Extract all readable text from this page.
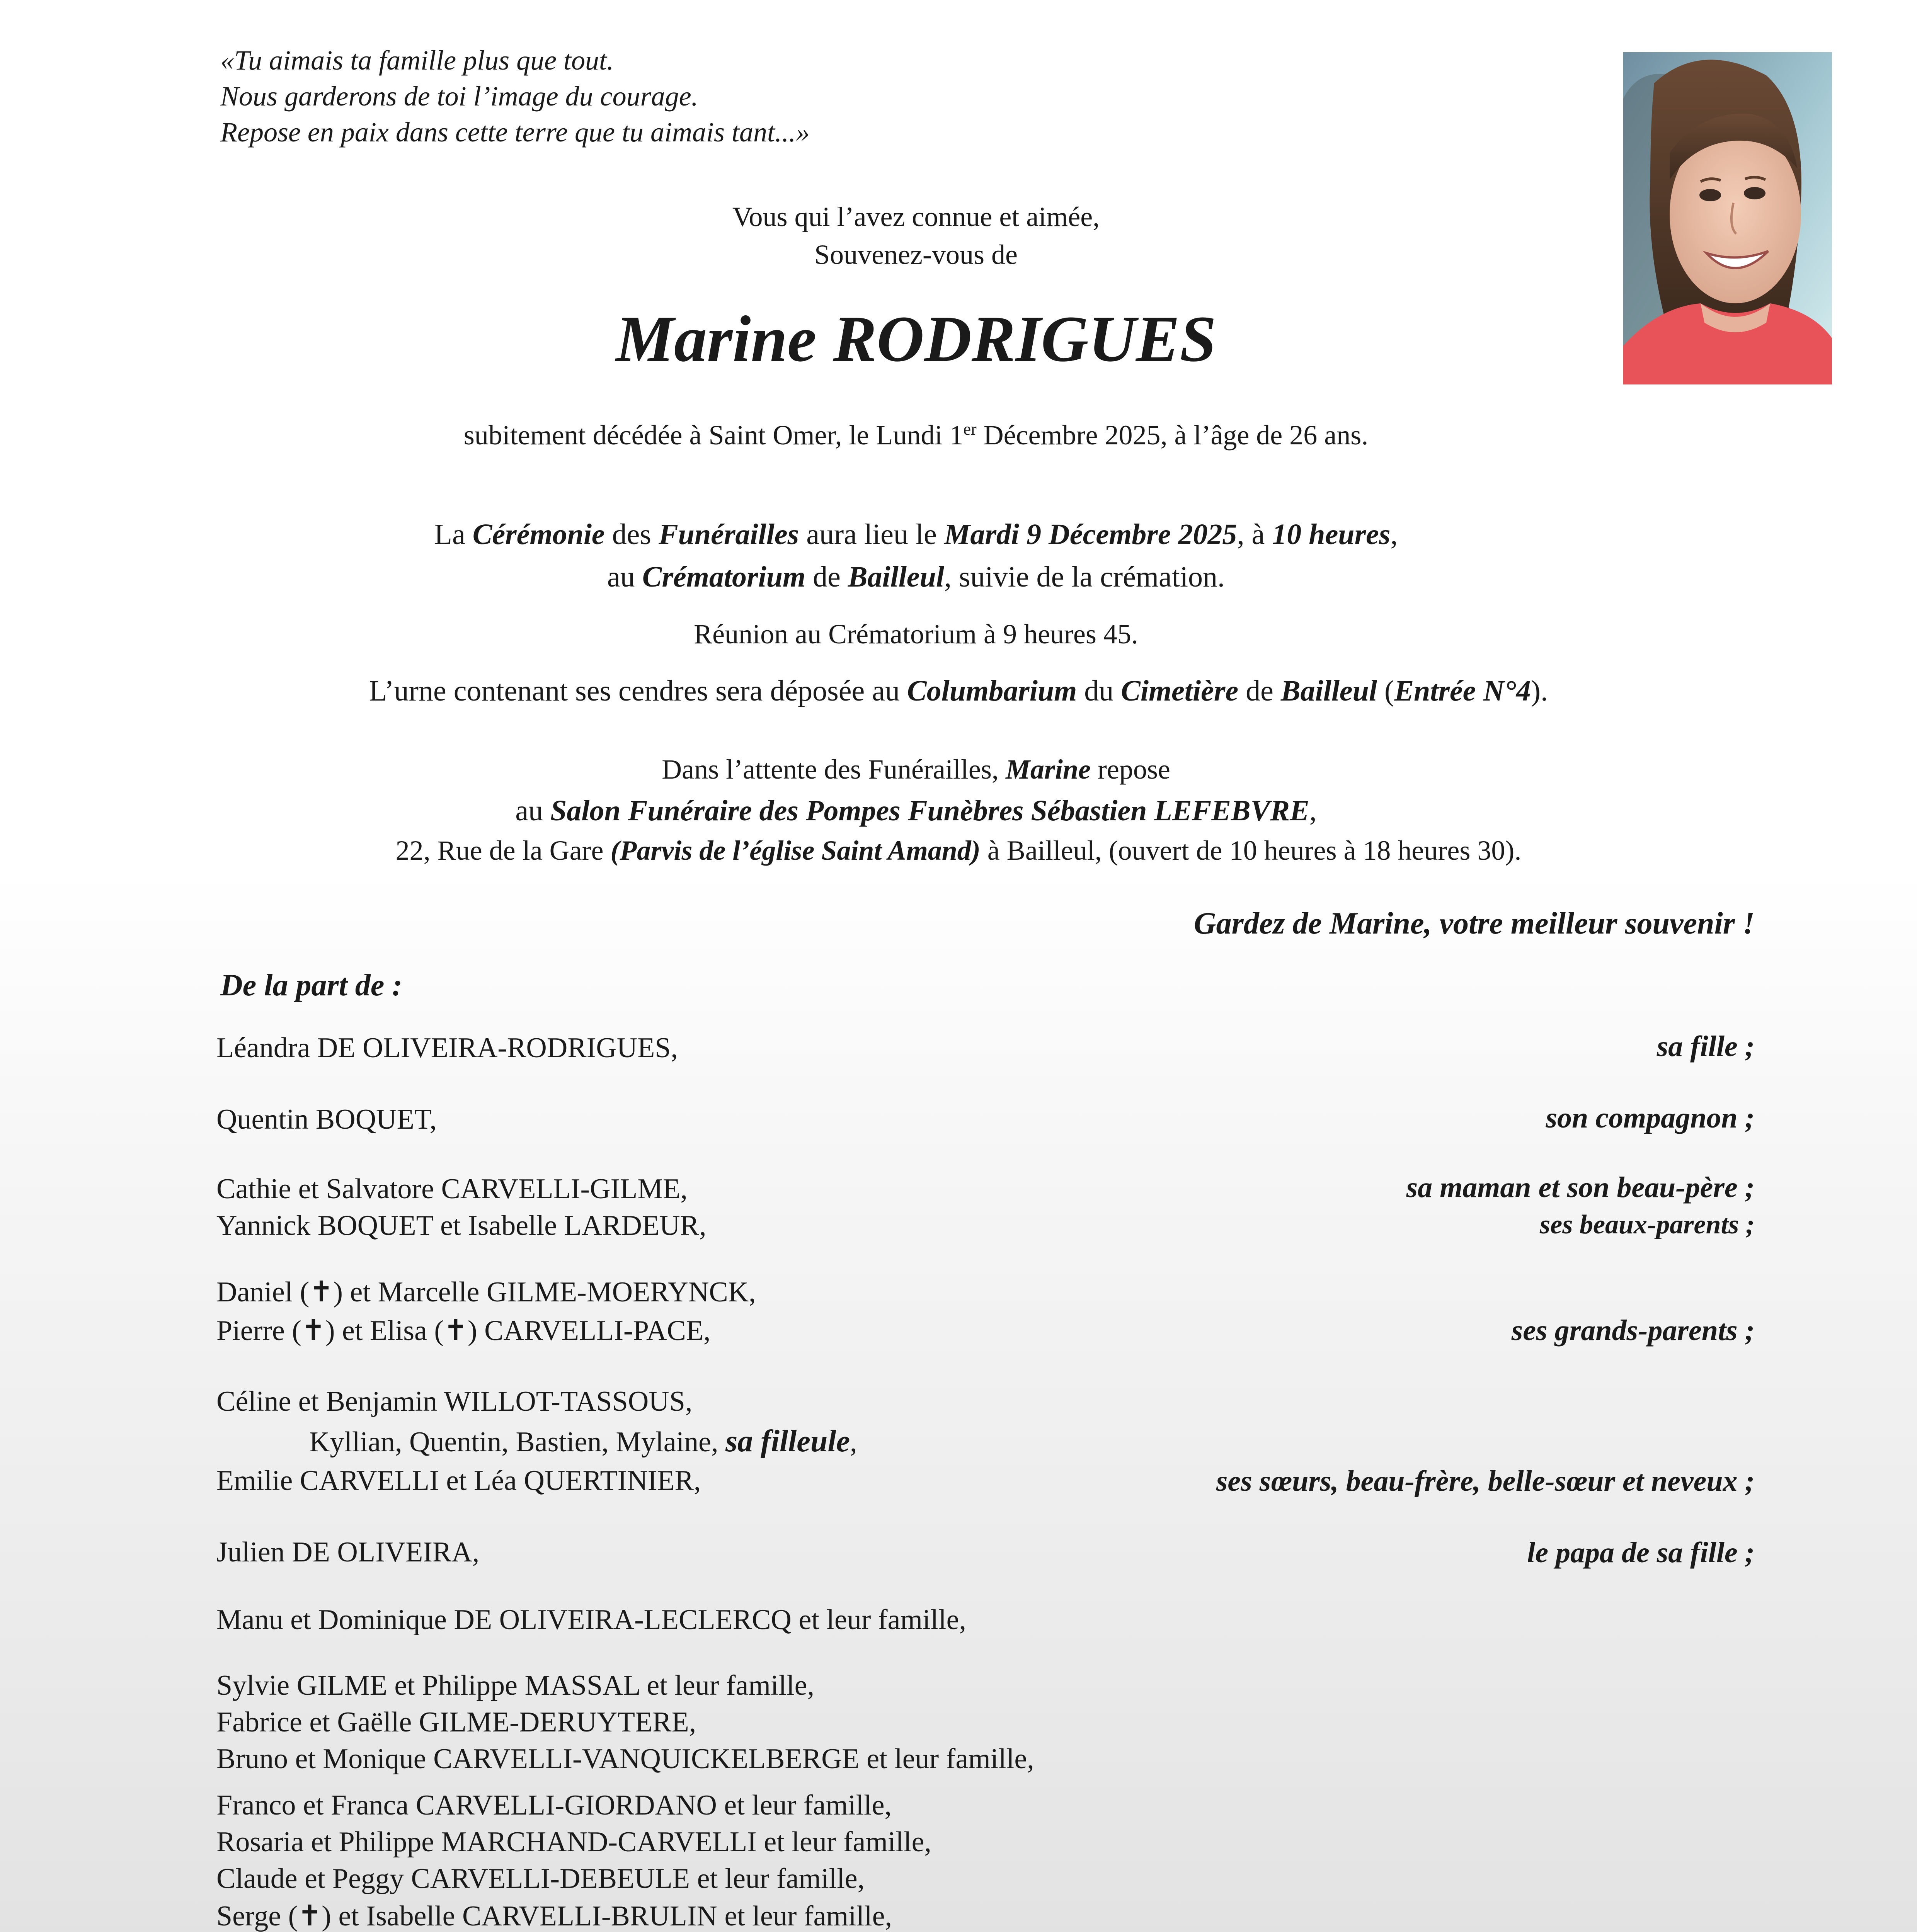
«Tu aimais ta famille plus que tout.
Nous garderons de toi l’image du courage.
Repose en paix dans cette terre que tu aimais tant...»
Vous qui l’avez connue et aimée,
Souvenez-vous de
Marine RODRIGUES
subitement décédée à Saint Omer, le Lundi 1er Décembre 2025, à l’âge de 26 ans.
La Cérémonie des Funérailles aura lieu le Mardi 9 Décembre 2025, à 10 heures,
au Crématorium de Bailleul, suivie de la crémation.
Réunion au Crématorium à 9 heures 45.
L’urne contenant ses cendres sera déposée au Columbarium du Cimetière de Bailleul (Entrée N°4).
Dans l’attente des Funérailles, Marine repose
au Salon Funéraire des Pompes Funèbres Sébastien LEFEBVRE,
22, Rue de la Gare (Parvis de l’église Saint Amand) à Bailleul, (ouvert de 10 heures à 18 heures 30).
Gardez de Marine, votre meilleur souvenir !
De la part de :
Léandra DE OLIVEIRA-RODRIGUES,	sa fille ;
Quentin BOQUET,	son compagnon ;
Cathie et Salvatore CARVELLI-GILME,	sa maman et son beau-père ;
Yannick BOQUET et Isabelle LARDEUR,	ses beaux-parents ;
Daniel (✝) et Marcelle GILME-MOERYNCK,
Pierre (✝) et Elisa (✝) CARVELLI-PACE,	ses grands-parents ;
Céline et Benjamin WILLOT-TASSOUS,
Kyllian, Quentin, Bastien, Mylaine, sa filleule,
Emilie CARVELLI et Léa QUERTINIER,	ses sœurs, beau-frère, belle-sœur et neveux ;
Julien DE OLIVEIRA,	le papa de sa fille ;
Manu et Dominique DE OLIVEIRA-LECLERCQ et leur famille,
Sylvie GILME et Philippe MASSAL et leur famille,
Fabrice et Gaëlle GILME-DERUYTERE,
Bruno et Monique CARVELLI-VANQUICKELBERGE et leur famille,
Franco et Franca CARVELLI-GIORDANO et leur famille,
Rosaria et Philippe MARCHAND-CARVELLI et leur famille,
Claude et Peggy CARVELLI-DEBEULE et leur famille,
Serge (✝) et Isabelle CARVELLI-BRULIN et leur famille,
